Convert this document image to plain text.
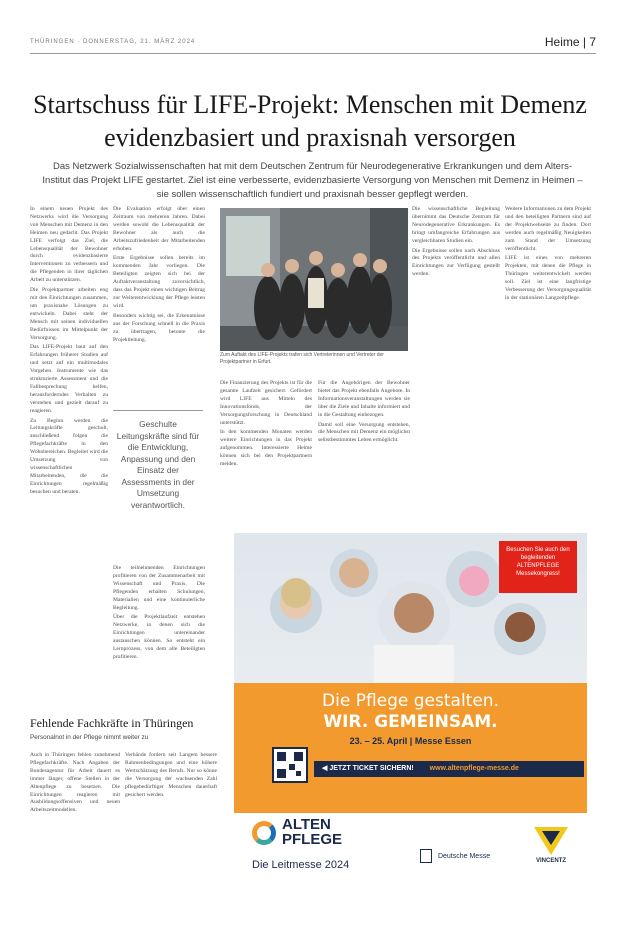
THÜRINGEN · DONNERSTAG, 21. MÄRZ 2024	Heime | 7
Startschuss für LIFE-Projekt: Menschen mit Demenz evidenzbasiert und praxisnah versorgen

Das Netzwerk Sozialwissenschaften hat mit dem Deutschen Zentrum für Neurodegenerative Erkrankungen und dem Alters-Institut das Projekt LIFE gestartet. Ziel ist eine verbesserte, evidenzbasierte Versorgung von Menschen mit Demenz in Heimen – sie sollen wissenschaftlich fundiert und praxisnah besser gepflegt werden.

In einem neuen Projekt des Netzwerks wird die Versorgung von Menschen mit Demenz in den Heimen neu gedacht. Das Projekt LIFE verfolgt das Ziel, die Lebensqualität der Bewohner durch evidenzbasierte Interventionen zu verbessern und die Pflegenden in ihrer täglichen Arbeit zu unterstützen.

Die Projektpartner arbeiten eng mit den Einrichtungen zusammen, um praxisnahe Lösungen zu entwickeln. Dabei steht der Mensch mit seinen individuellen Bedürfnissen im Mittelpunkt der Versorgung.

Das LIFE-Projekt baut auf den Erfahrungen früherer Studien auf und setzt auf ein multimodales Vorgehen. Instrumente wie das strukturierte Assessment und die Fallbesprechung helfen, herausforderndes Verhalten zu verstehen und gezielt darauf zu reagieren.

Zu Beginn werden die Leitungskräfte geschult, anschließend folgen die Pflegefachkräfte in den Wohnbereichen. Begleitet wird die Umsetzung von wissenschaftlichen Mitarbeitenden, die die Einrichtungen regelmäßig besuchen und beraten.

Die Evaluation erfolgt über einen Zeitraum von mehreren Jahren. Dabei werden sowohl die Lebensqualität der Bewohner als auch die Arbeitszufriedenheit der Mitarbeitenden erhoben.

Erste Ergebnisse sollen bereits im kommenden Jahr vorliegen. Die Beteiligten zeigten sich bei der Auftaktveranstaltung zuversichtlich, dass das Projekt einen wichtigen Beitrag zur Weiterentwicklung der Pflege leisten wird.

Besonders wichtig sei, die Erkenntnisse aus der Forschung schnell in die Praxis zu übertragen, betonte die Projektleitung.

Geschulte Leitungskräfte sind für die Entwicklung, Anpassung und den Einsatz der Assessments in der Umsetzung verantwortlich.

Die teilnehmenden Einrichtungen profitieren von der Zusammenarbeit mit Wissenschaft und Praxis. Die Pflegenden erhalten Schulungen, Materialien und eine kontinuierliche Begleitung.

Über die Projektlaufzeit entstehen Netzwerke, in denen sich die Einrichtungen untereinander austauschen können. So entsteht ein Lernprozess, von dem alle Beteiligten profitieren.

Zum Auftakt des LIFE-Projekts trafen sich Vertreterinnen und Vertreter der Projektpartner in Erfurt.

Die Finanzierung des Projekts ist für die gesamte Laufzeit gesichert. Gefördert wird LIFE aus Mitteln des Innovationsfonds, der Versorgungsforschung in Deutschland unterstützt.

In den kommenden Monaten werden weitere Einrichtungen in das Projekt aufgenommen. Interessierte Heime können sich bei den Projektpartnern melden.

Für die Angehörigen der Bewohner bietet das Projekt ebenfalls Angebote. In Informationsveranstaltungen werden sie über die Ziele und Inhalte informiert und in die Gestaltung einbezogen.

Damit soll eine Versorgung entstehen, die Menschen mit Demenz ein möglichst selbstbestimmtes Leben ermöglicht.

Die wissenschaftliche Begleitung übernimmt das Deutsche Zentrum für Neurodegenerative Erkrankungen. Es bringt umfangreiche Erfahrungen aus vergleichbaren Studien ein.

Die Ergebnisse sollen nach Abschluss des Projekts veröffentlicht und allen Einrichtungen zur Verfügung gestellt werden.

Weitere Informationen zu dem Projekt und den beteiligten Partnern sind auf der Projektwebseite zu finden. Dort werden auch regelmäßig Neuigkeiten zum Stand der Umsetzung veröffentlicht.

LIFE ist eines von mehreren Projekten, mit denen die Pflege in Thüringen weiterentwickelt werden soll. Ziel ist eine langfristige Verbesserung der Versorgungsqualität in der stationären Langzeitpflege.

Fehlende Fachkräfte in Thüringen

Personalnot in der Pflege nimmt weiter zu

Auch in Thüringen fehlen zunehmend Pflegefachkräfte. Nach Angaben der Bundesagentur für Arbeit dauert es immer länger, offene Stellen in der Altenpflege zu besetzen. Die Einrichtungen reagieren mit Ausbildungsoffensiven und neuen Arbeitszeitmodellen.

Verbände fordern seit Langem bessere Rahmenbedingungen und eine höhere Wertschätzung des Berufs. Nur so könne die Versorgung der wachsenden Zahl pflegebedürftiger Menschen dauerhaft gesichert werden.

Besuchen Sie auch den begleitenden ALTENPFLEGE Messekongress!
Die Pflege gestalten.
WIR. GEMEINSAM.
23. – 25. April | Messe Essen
◀ JETZT TICKET SICHERN! www.altenpflege-messe.de
ALTEN
PFLEGE
Die Leitmesse 2024
Deutsche Messe
VINCENTZ
